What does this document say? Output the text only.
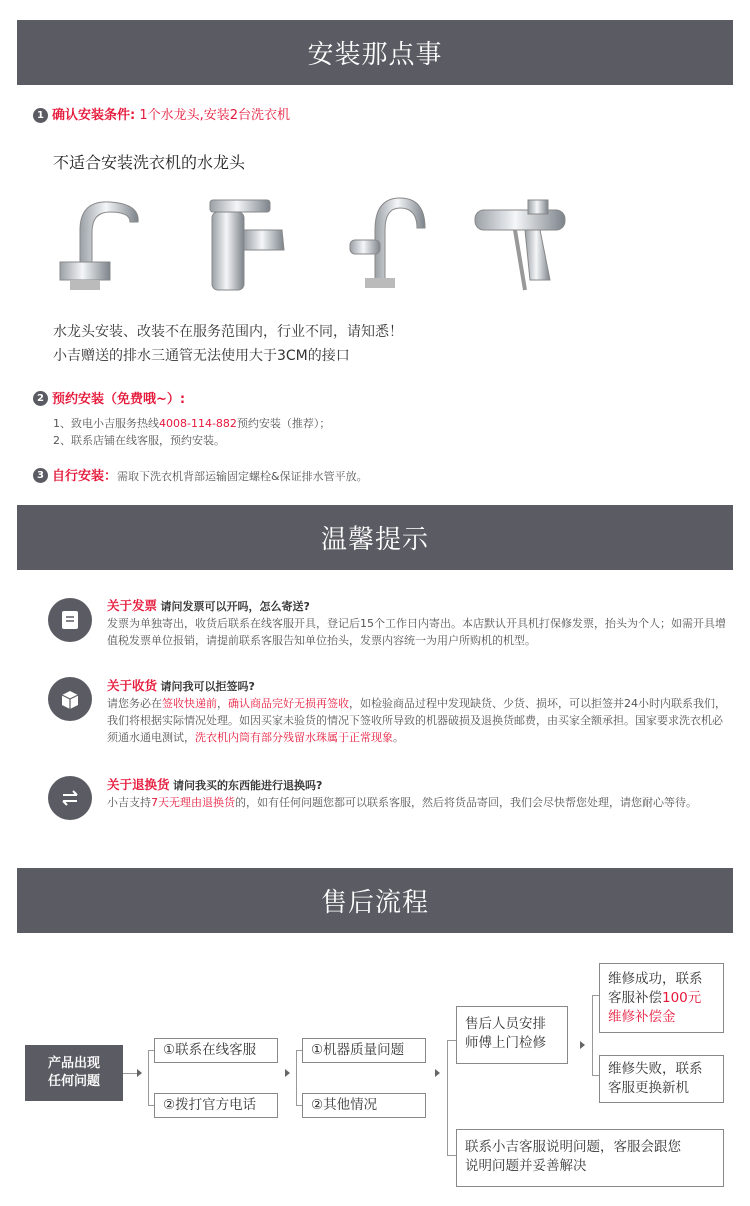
安装那点事
1 确认安装条件: 1个水龙头,安装2台洗衣机
不适合安装洗衣机的水龙头
水龙头安装、改装不在服务范围内，行业不同，请知悉！
小吉赠送的排水三通管无法使用大于3CM的接口
2 预约安装（免费哦~）:
1、致电小吉服务热线4008-114-882预约安装（推荐）；
2、联系店铺在线客服，预约安装。
3 自行安装：需取下洗衣机背部运输固定螺栓&保证排水管平放。
温馨提示
关于发票 请问发票可以开吗，怎么寄送?
发票为单独寄出，收货后联系在线客服开具，登记后15个工作日内寄出。本店默认开具机打保修发票，抬头为个人；如需开具增值税发票单位报销，请提前联系客服告知单位抬头，发票内容统一为用户所购机的机型。
关于收货 请问我可以拒签吗?
请您务必在签收快递前，确认商品完好无损再签收，如检验商品过程中发现缺货、少货、损坏，可以拒签并24小时内联系我们，我们将根据实际情况处理。如因买家未验货的情况下签收所导致的机器破损及退换货邮费，由买家全额承担。国家要求洗衣机必须通水通电测试，洗衣机内筒有部分残留水珠属于正常现象。
关于退换货 请问我买的东西能进行退换吗?
小吉支持7天无理由退换货的，如有任何问题您都可以联系客服，然后将货品寄回，我们会尽快帮您处理，请您耐心等待。
售后流程
产品出现
任何问题
①联系在线客服
②拨打官方电话
①机器质量问题
②其他情况
售后人员安排
师傅上门检修
维修成功，联系
客服补偿100元
维修补偿金
维修失败，联系
客服更换新机
联系小吉客服说明问题，客服会跟您
说明问题并妥善解决
